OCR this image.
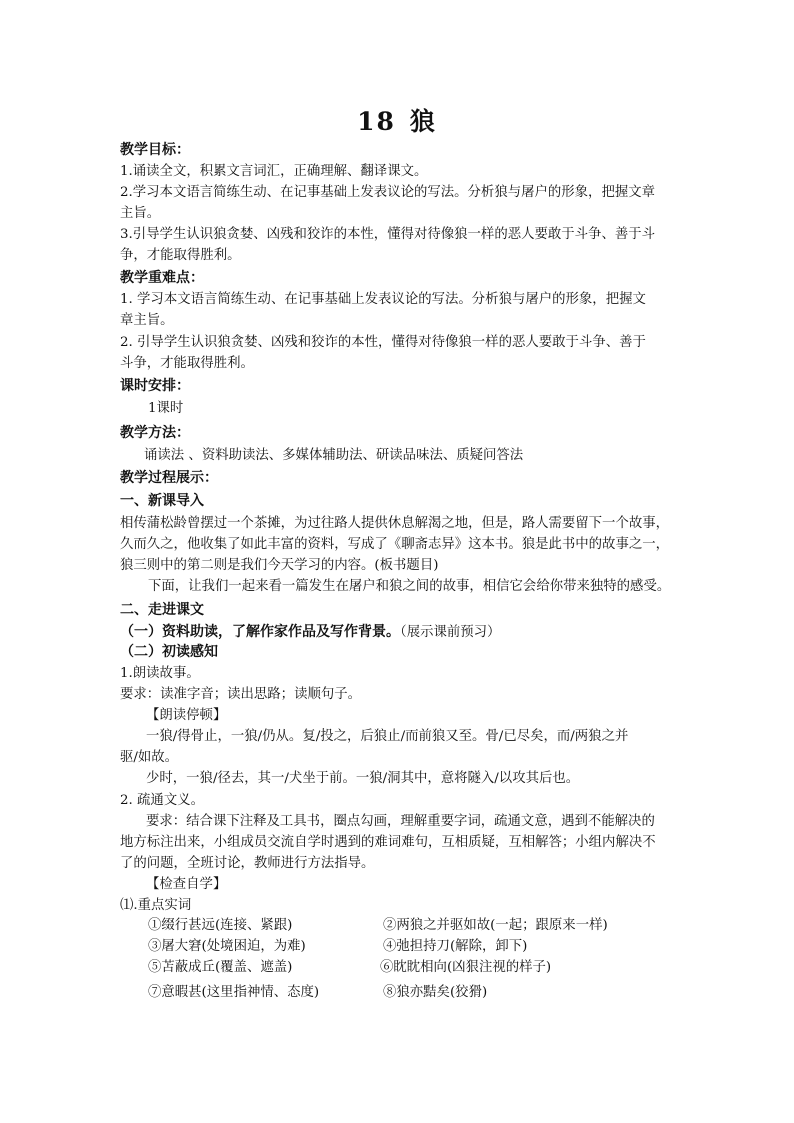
18 狼
教学目标：
1.诵读全文，积累文言词汇，正确理解、翻译课文。
2.学习本文语言简练生动、在记事基础上发表议论的写法。分析狼与屠户的形象，把握文章
主旨。
3.引导学生认识狼贪婪、凶残和狡诈的本性，懂得对待像狼一样的恶人要敢于斗争、善于斗
争，才能取得胜利。
教学重难点：
1. 学习本文语言简练生动、在记事基础上发表议论的写法。分析狼与屠户的形象，把握文
章主旨。
2. 引导学生认识狼贪婪、凶残和狡诈的本性，懂得对待像狼一样的恶人要敢于斗争、善于
斗争，才能取得胜利。
课时安排：
1课时
教学方法：
诵读法 、资料助读法、多媒体辅助法、研读品味法、质疑问答法
教学过程展示：
一、新课导入
相传蒲松龄曾摆过一个茶摊，为过往路人提供休息解渴之地，但是，路人需要留下一个故事，
久而久之，他收集了如此丰富的资料，写成了《聊斋志异》这本书。狼是此书中的故事之一，
狼三则中的第二则是我们今天学习的内容。(板书题目)
下面，让我们一起来看一篇发生在屠户和狼之间的故事，相信它会给你带来独特的感受。
二、走进课文
（一）资料助读，了解作家作品及写作背景。（展示课前预习）
（二）初读感知
1.朗读故事。
要求：读准字音；读出思路；读顺句子。
【朗读停顿】
一狼/得骨止，一狼/仍从。复/投之，后狼止/而前狼又至。骨/已尽矣，而/两狼之并
驱/如故。
少时，一狼/径去，其一/犬坐于前。一狼/洞其中，意将隧入/以攻其后也。
2. 疏通文义。
要求：结合课下注释及工具书，圈点勾画，理解重要字词，疏通文意，遇到不能解决的
地方标注出来，小组成员交流自学时遇到的难词难句，互相质疑，互相解答；小组内解决不
了的问题，全班讨论，教师进行方法指导。
【检查自学】
⑴.重点实词
①缀行甚远(连接、紧跟)	②两狼之并驱如故(一起；跟原来一样)
③屠大窘(处境困迫，为难)	④弛担持刀(解除，卸下)
⑤苫蔽成丘(覆盖、遮盖)	⑥眈眈相向(凶狠注视的样子)
⑦意暇甚(这里指神情、态度)	⑧狼亦黠矣(狡猾)
